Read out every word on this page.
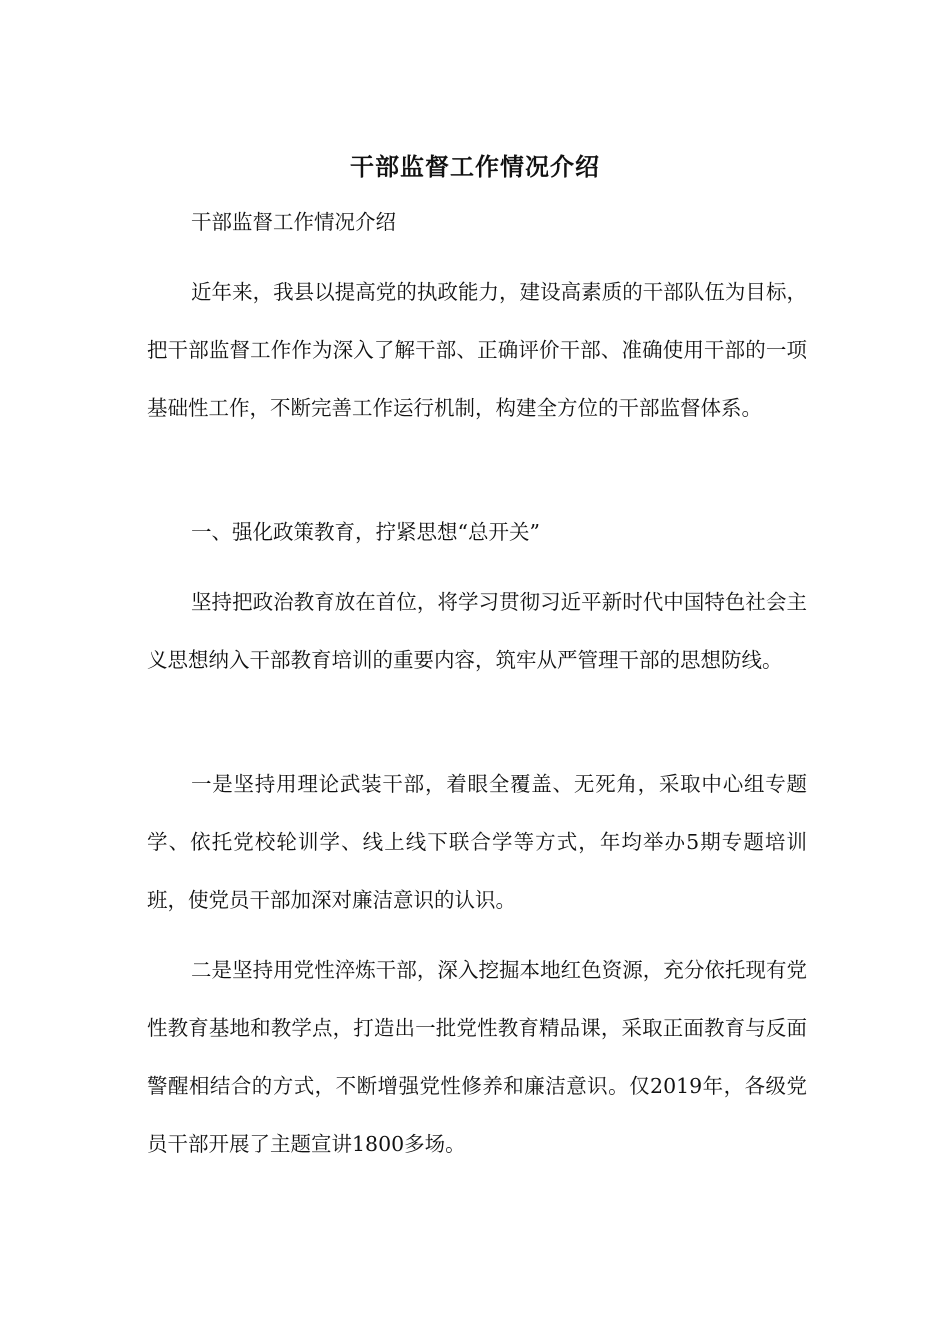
干部监督工作情况介绍

干部监督工作情况介绍

近年来，我县以提高党的执政能力，建设高素质的干部队伍为目标，把干部监督工作作为深入了解干部、正确评价干部、准确使用干部的一项基础性工作，不断完善工作运行机制，构建全方位的干部监督体系。

一、强化政策教育，拧紧思想“总开关”

坚持把政治教育放在首位，将学习贯彻习近平新时代中国特色社会主义思想纳入干部教育培训的重要内容，筑牢从严管理干部的思想防线。

一是坚持用理论武装干部，着眼全覆盖、无死角，采取中心组专题学、依托党校轮训学、线上线下联合学等方式，年均举办5期专题培训班，使党员干部加深对廉洁意识的认识。

二是坚持用党性淬炼干部，深入挖掘本地红色资源，充分依托现有党性教育基地和教学点，打造出一批党性教育精品课，采取正面教育与反面警醒相结合的方式，不断增强党性修养和廉洁意识。仅2019年，各级党员干部开展了主题宣讲1800多场。
